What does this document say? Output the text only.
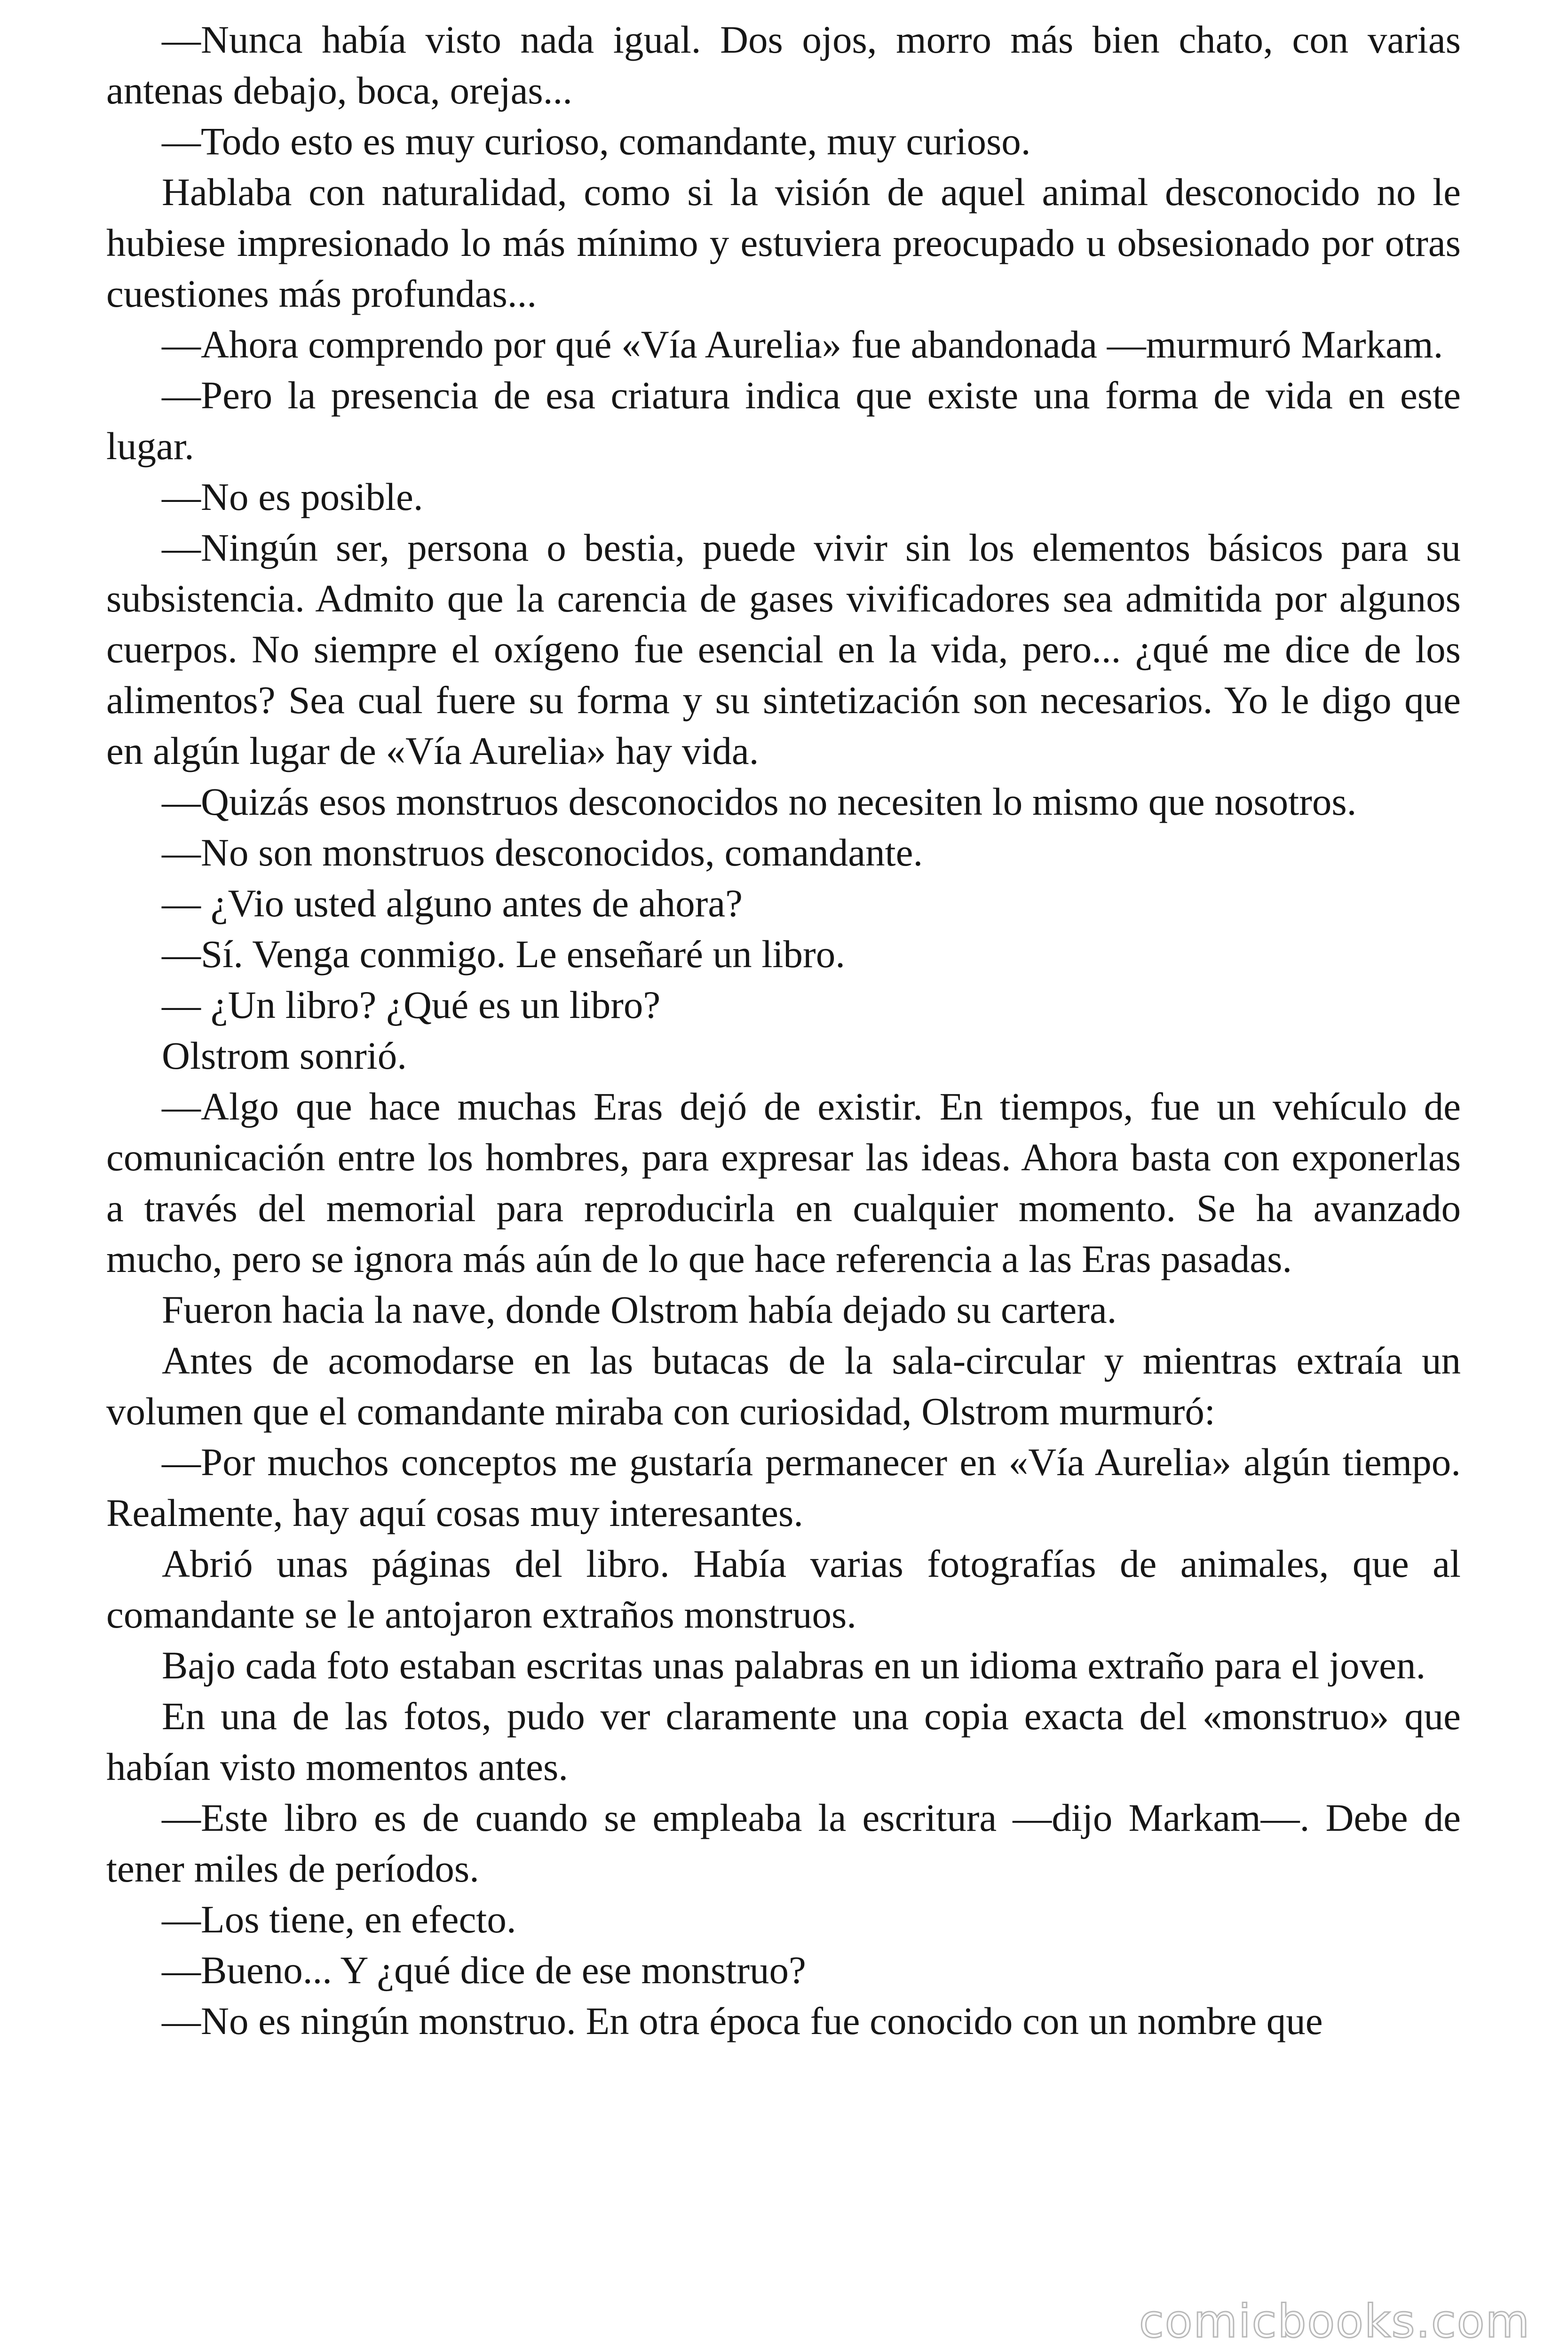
—Nunca había visto nada igual. Dos ojos, morro más bien chato, con varias antenas debajo, boca, orejas...

—Todo esto es muy curioso, comandante, muy curioso.

Hablaba con naturalidad, como si la visión de aquel animal desconocido no le hubiese impresionado lo más mínimo y estuviera preocupado u obsesionado por otras cuestiones más profundas...

—Ahora comprendo por qué «Vía Aurelia» fue abandonada —murmuró Markam.

—Pero la presencia de esa criatura indica que existe una forma de vida en este lugar.

—No es posible.

—Ningún ser, persona o bestia, puede vivir sin los elementos básicos para su subsistencia. Admito que la carencia de gases vivificadores sea admitida por algunos cuerpos. No siempre el oxígeno fue esencial en la vida, pero... ¿qué me dice de los alimentos? Sea cual fuere su forma y su sintetización son necesarios. Yo le digo que en algún lugar de «Vía Aurelia» hay vida.

—Quizás esos monstruos desconocidos no necesiten lo mismo que nosotros.

—No son monstruos desconocidos, comandante.

— ¿Vio usted alguno antes de ahora?

—Sí. Venga conmigo. Le enseñaré un libro.

— ¿Un libro? ¿Qué es un libro?

Olstrom sonrió.

—Algo que hace muchas Eras dejó de existir. En tiempos, fue un vehículo de comunicación entre los hombres, para expresar las ideas. Ahora basta con exponerlas a través del memorial para reproducirla en cualquier momento. Se ha avanzado mucho, pero se ignora más aún de lo que hace referencia a las Eras pasadas.

Fueron hacia la nave, donde Olstrom había dejado su cartera.

Antes de acomodarse en las butacas de la sala-circular y mientras extraía un volumen que el comandante miraba con curiosidad, Olstrom murmuró:

—Por muchos conceptos me gustaría permanecer en «Vía Aurelia» algún tiempo. Realmente, hay aquí cosas muy interesantes.

Abrió unas páginas del libro. Había varias fotografías de animales, que al comandante se le antojaron extraños monstruos.

Bajo cada foto estaban escritas unas palabras en un idioma extraño para el joven.

En una de las fotos, pudo ver claramente una copia exacta del «monstruo» que habían visto momentos antes.

—Este libro es de cuando se empleaba la escritura —dijo Markam—. Debe de tener miles de períodos.

—Los tiene, en efecto.

—Bueno... Y ¿qué dice de ese monstruo?

—No es ningún monstruo. En otra época fue conocido con un nombre que

comicbooks.com
